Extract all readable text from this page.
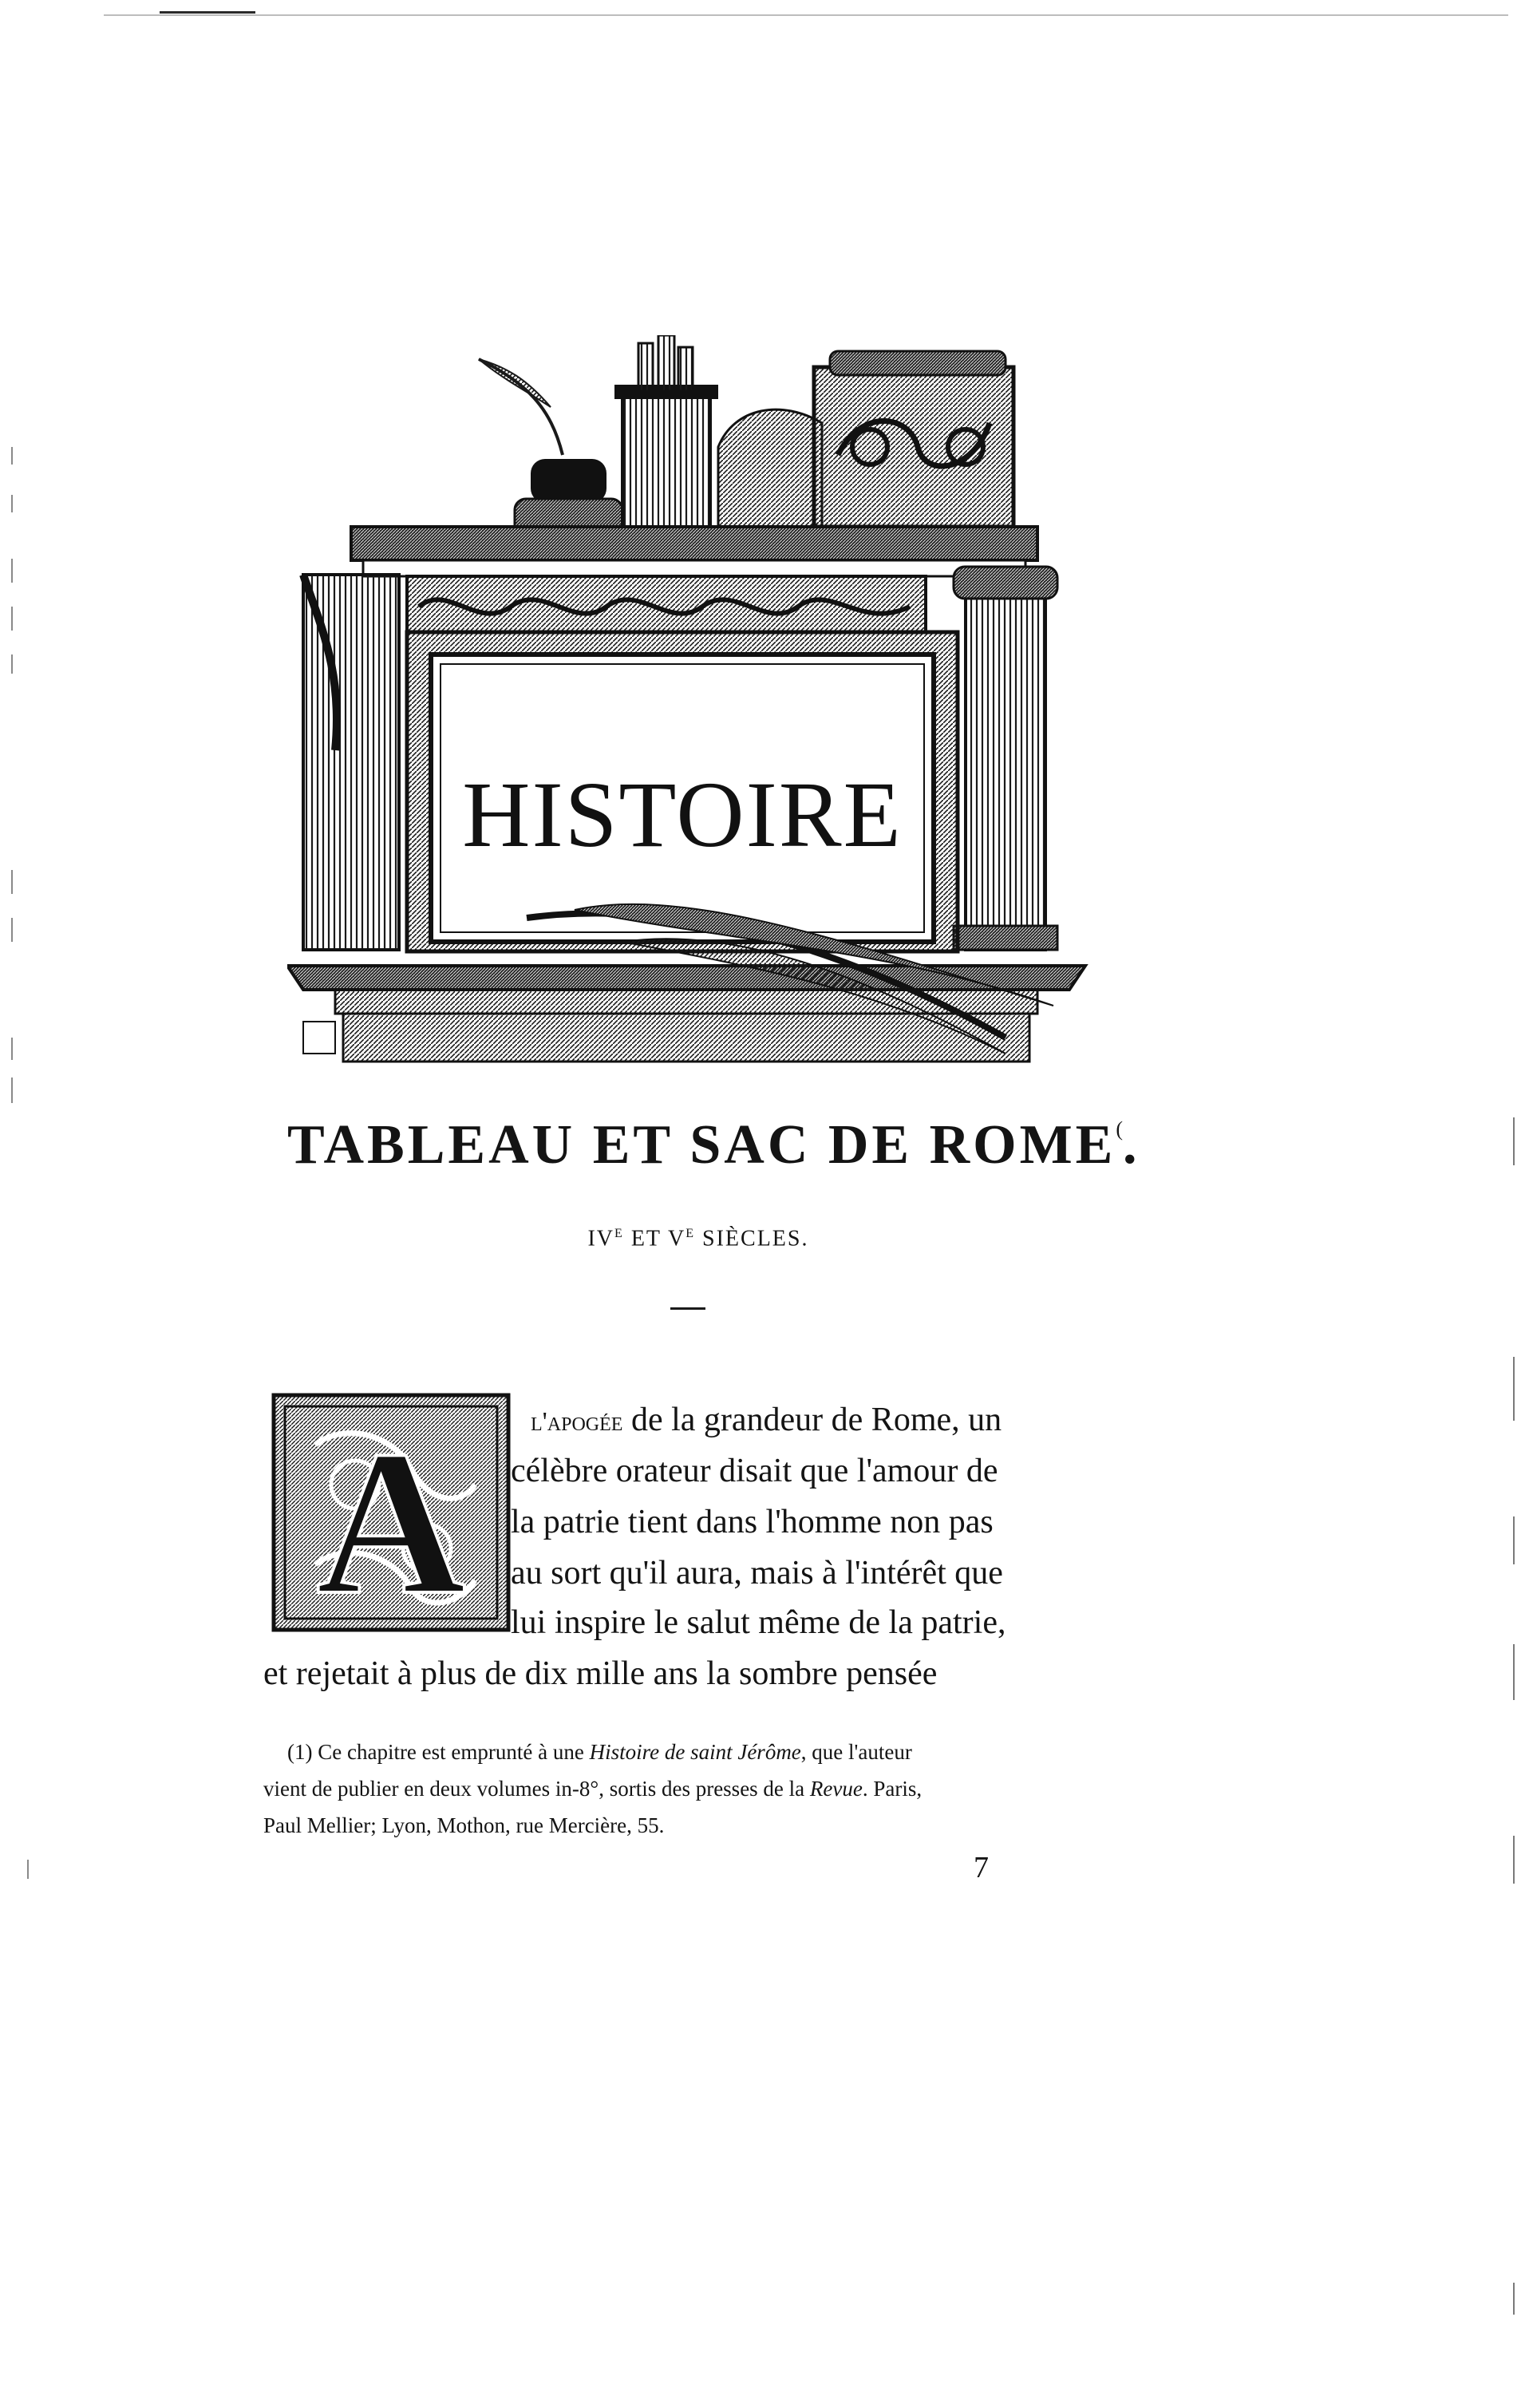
HISTOIRE
TABLEAU ET SAC DE ROME(.
IVe ET Ve SIÈCLES.
A l'apogée de la grandeur de Rome, un
célèbre orateur disait que l'amour de
la patrie tient dans l'homme non pas
au sort qu'il aura, mais à l'intérêt que
lui inspire le salut même de la patrie,
et rejetait à plus de dix mille ans la sombre pensée
(1) Ce chapitre est emprunté à une Histoire de saint Jérôme, que l'auteur
vient de publier en deux volumes in-8°, sortis des presses de la Revue. Paris,
Paul Mellier; Lyon, Mothon, rue Mercière, 55.
7
